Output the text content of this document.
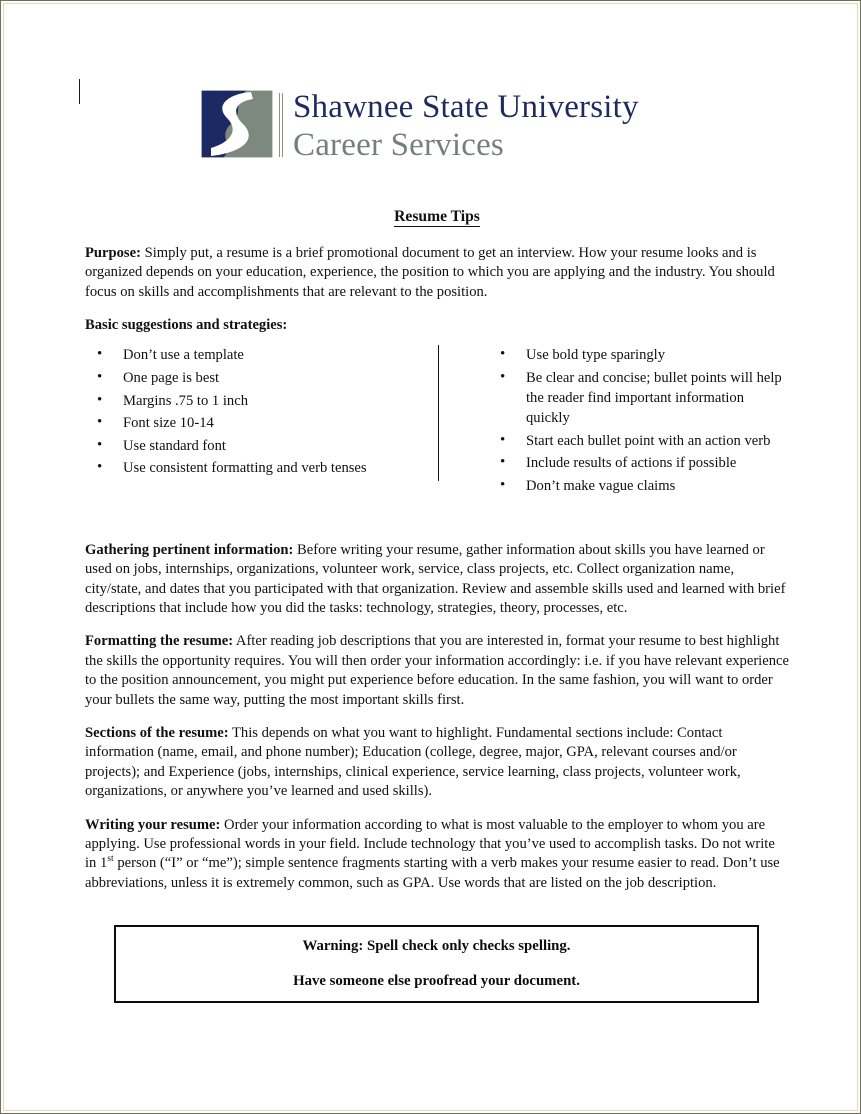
Shawnee State University
Career Services
Resume Tips

Purpose: Simply put, a resume is a brief promotional document to get an interview. How your resume looks and is organized depends on your education, experience, the position to which you are applying and the industry. You should focus on skills and accomplishments that are relevant to the position.

Basic suggestions and strategies:

• Don’t use a template
• One page is best
• Margins .75 to 1 inch
• Font size 10-14
• Use standard font
• Use consistent formatting and verb tenses
• Use bold type sparingly
• Be clear and concise; bullet points will help the reader find important information quickly
• Start each bullet point with an action verb
• Include results of actions if possible
• Don’t make vague claims

Gathering pertinent information: Before writing your resume, gather information about skills you have learned or used on jobs, internships, organizations, volunteer work, service, class projects, etc. Collect organization name, city/state, and dates that you participated with that organization. Review and assemble skills used and learned with brief descriptions that include how you did the tasks: technology, strategies, theory, processes, etc.

Formatting the resume: After reading job descriptions that you are interested in, format your resume to best highlight the skills the opportunity requires. You will then order your information accordingly: i.e. if you have relevant experience to the position announcement, you might put experience before education. In the same fashion, you will want to order your bullets the same way, putting the most important skills first.

Sections of the resume: This depends on what you want to highlight. Fundamental sections include: Contact information (name, email, and phone number); Education (college, degree, major, GPA, relevant courses and/or projects); and Experience (jobs, internships, clinical experience, service learning, class projects, volunteer work, organizations, or anywhere you’ve learned and used skills).

Writing your resume: Order your information according to what is most valuable to the employer to whom you are applying. Use professional words in your field. Include technology that you’ve used to accomplish tasks. Do not write in 1st person (“I” or “me”); simple sentence fragments starting with a verb makes your resume easier to read. Don’t use abbreviations, unless it is extremely common, such as GPA. Use words that are listed on the job description.

Warning: Spell check only checks spelling.
Have someone else proofread your document.
